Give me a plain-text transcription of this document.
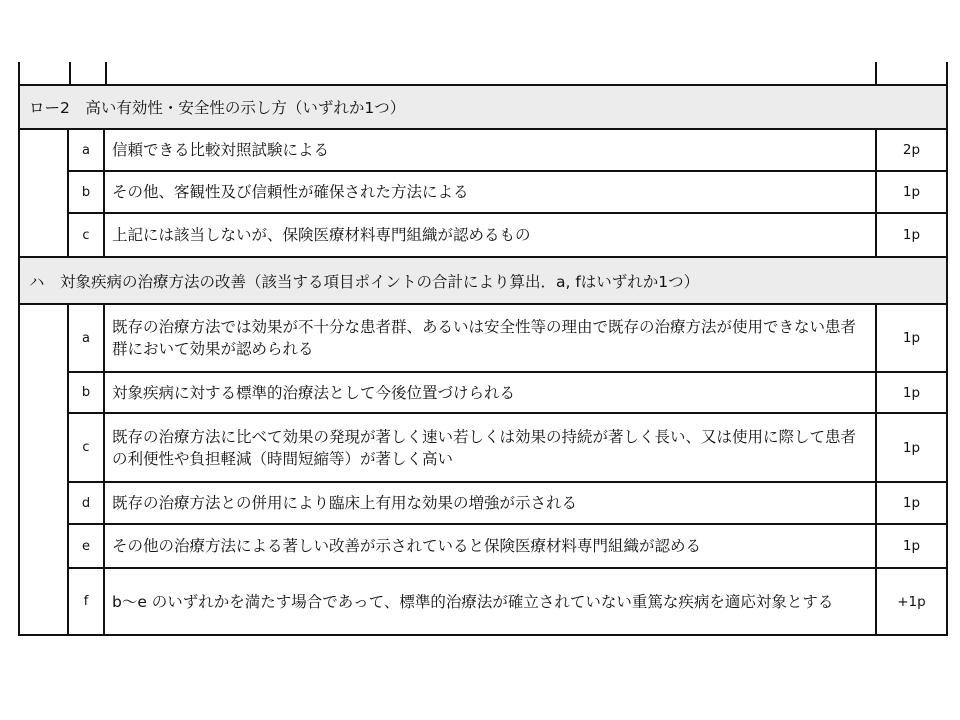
ロー2　高い有効性・安全性の示し方（いずれか1つ）			
	a	信頼できる比較対照試験による	2p
	b	その他、客観性及び信頼性が確保された方法による	1p
	c	上記には該当しないが、保険医療材料専門組織が認めるもの	1p
ハ　対象疾病の治療方法の改善（該当する項目ポイントの合計により算出．a, fはいずれか1つ）			
	a	既存の治療方法では効果が不十分な患者群、あるいは安全性等の理由で既存の治療方法が使用できない患者群において効果が認められる	1p
	b	対象疾病に対する標準的治療法として今後位置づけられる	1p
	c	既存の治療方法に比べて効果の発現が著しく速い若しくは効果の持続が著しく長い、又は使用に際して患者の利便性や負担軽減（時間短縮等）が著しく高い	1p
	d	既存の治療方法との併用により臨床上有用な効果の増強が示される	1p
	e	その他の治療方法による著しい改善が示されていると保険医療材料専門組織が認める	1p
	f	b〜e のいずれかを満たす場合であって、標準的治療法が確立されていない重篤な疾病を適応対象とする	+1p
